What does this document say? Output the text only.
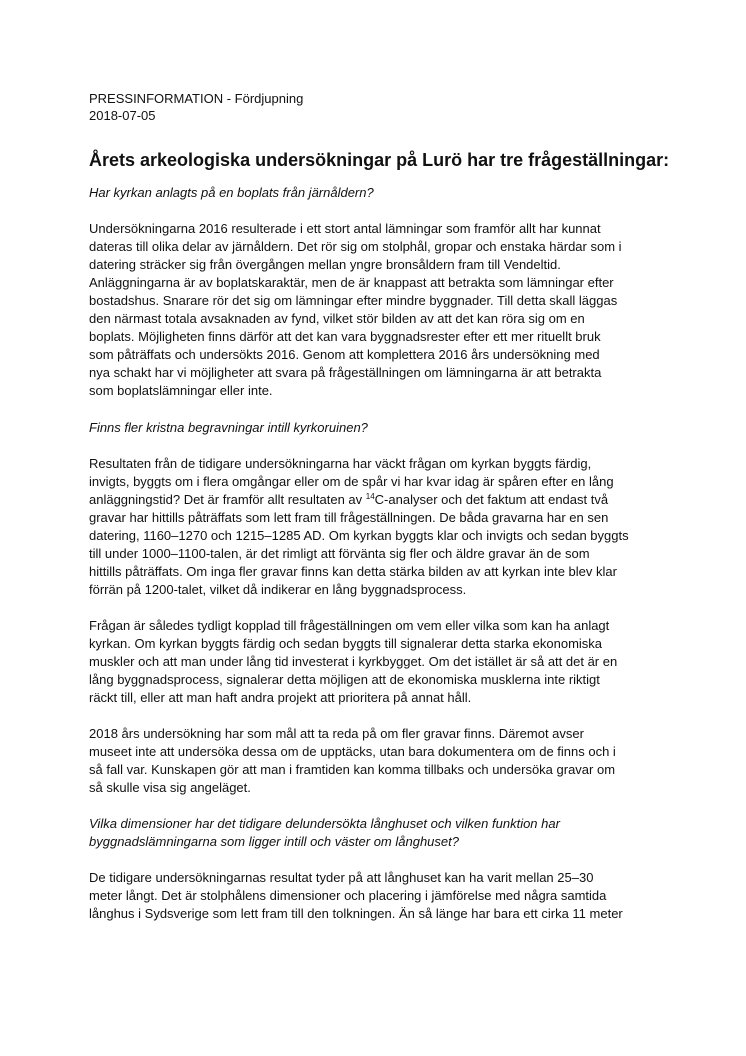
PRESSINFORMATION - Fördjupning

2018-07-05

Årets arkeologiska undersökningar på Lurö har tre frågeställningar:

Har kyrkan anlagts på en boplats från järnåldern?

Undersökningarna 2016 resulterade i ett stort antal lämningar som framför allt har kunnat
dateras till olika delar av järnåldern. Det rör sig om stolphål, gropar och enstaka härdar som i
datering sträcker sig från övergången mellan yngre bronsåldern fram till Vendeltid.
Anläggningarna är av boplatskaraktär, men de är knappast att betrakta som lämningar efter
bostadshus. Snarare rör det sig om lämningar efter mindre byggnader. Till detta skall läggas
den närmast totala avsaknaden av fynd, vilket stör bilden av att det kan röra sig om en
boplats. Möjligheten finns därför att det kan vara byggnadsrester efter ett mer rituellt bruk
som påträffats och undersökts 2016. Genom att komplettera 2016 års undersökning med
nya schakt har vi möjligheter att svara på frågeställningen om lämningarna är att betrakta
som boplatslämningar eller inte.

Finns fler kristna begravningar intill kyrkoruinen?

Resultaten från de tidigare undersökningarna har väckt frågan om kyrkan byggts färdig,
invigts, byggts om i flera omgångar eller om de spår vi har kvar idag är spåren efter en lång
anläggningstid? Det är framför allt resultaten av $^{14}$C-analyser och det faktum att endast två
gravar har hittills påträffats som lett fram till frågeställningen. De båda gravarna har en sen
datering, 1160–1270 och 1215–1285 AD. Om kyrkan byggts klar och invigts och sedan byggts
till under 1000–1100-talen, är det rimligt att förvänta sig fler och äldre gravar än de som
hittills påträffats. Om inga fler gravar finns kan detta stärka bilden av att kyrkan inte blev klar
förrän på 1200-talet, vilket då indikerar en lång byggnadsprocess.

Frågan är således tydligt kopplad till frågeställningen om vem eller vilka som kan ha anlagt
kyrkan. Om kyrkan byggts färdig och sedan byggts till signalerar detta starka ekonomiska
muskler och att man under lång tid investerat i kyrkbygget. Om det istället är så att det är en
lång byggnadsprocess, signalerar detta möjligen att de ekonomiska musklerna inte riktigt
räckt till, eller att man haft andra projekt att prioritera på annat håll.

2018 års undersökning har som mål att ta reda på om fler gravar finns. Däremot avser
museet inte att undersöka dessa om de upptäcks, utan bara dokumentera om de finns och i
så fall var. Kunskapen gör att man i framtiden kan komma tillbaks och undersöka gravar om
så skulle visa sig angeläget.

Vilka dimensioner har det tidigare delundersökta långhuset och vilken funktion har
byggnadslämningarna som ligger intill och väster om långhuset?

De tidigare undersökningarnas resultat tyder på att långhuset kan ha varit mellan 25–30
meter långt. Det är stolphålens dimensioner och placering i jämförelse med några samtida
långhus i Sydsverige som lett fram till den tolkningen. Än så länge har bara ett cirka 11 meter
